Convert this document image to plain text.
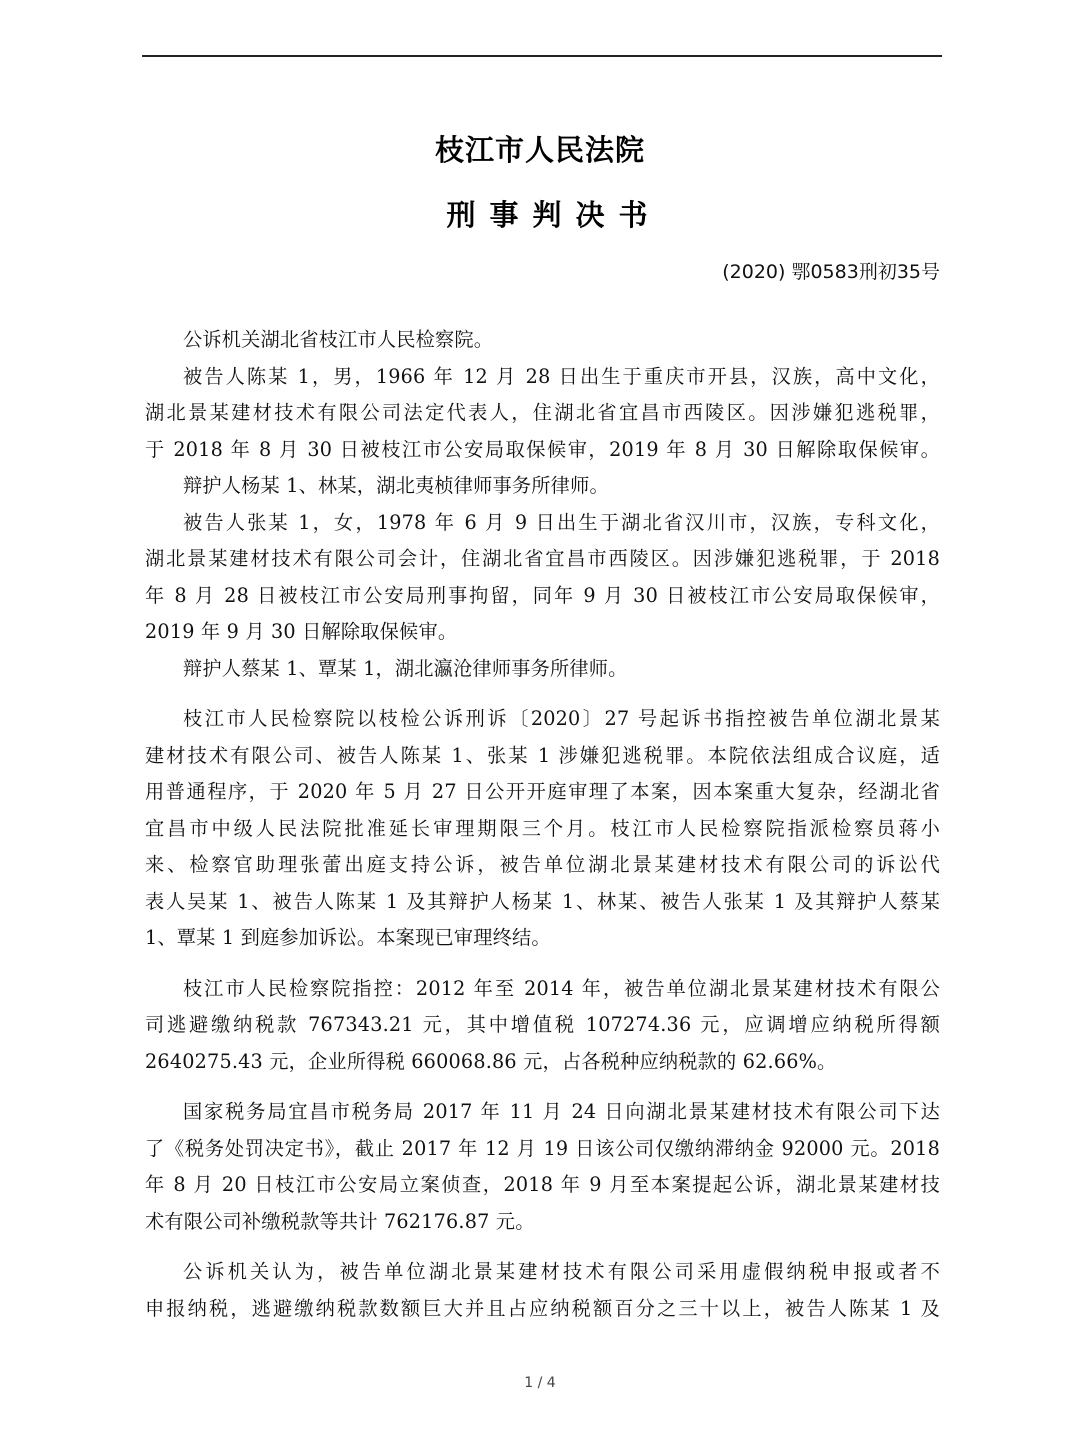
枝江市人民法院
刑事判决书
(2020) 鄂0583刑初35号
公诉机关湖北省枝江市人民检察院。
被告人陈某 1，男，1966 年 12 月 28 日出生于重庆市开县，汉族，高中文化，
湖北景某建材技术有限公司法定代表人，住湖北省宜昌市西陵区。因涉嫌犯逃税罪，
于 2018 年 8 月 30 日被枝江市公安局取保候审，2019 年 8 月 30 日解除取保候审。
辩护人杨某 1、林某，湖北夷桢律师事务所律师。
被告人张某 1，女，1978 年 6 月 9 日出生于湖北省汉川市，汉族，专科文化，
湖北景某建材技术有限公司会计，住湖北省宜昌市西陵区。因涉嫌犯逃税罪，于 2018
年 8 月 28 日被枝江市公安局刑事拘留，同年 9 月 30 日被枝江市公安局取保候审，
2019 年 9 月 30 日解除取保候审。
辩护人蔡某 1、覃某 1，湖北瀛沧律师事务所律师。
枝江市人民检察院以枝检公诉刑诉〔2020〕27 号起诉书指控被告单位湖北景某
建材技术有限公司、被告人陈某 1、张某 1 涉嫌犯逃税罪。本院依法组成合议庭，适
用普通程序，于 2020 年 5 月 27 日公开开庭审理了本案，因本案重大复杂，经湖北省
宜昌市中级人民法院批准延长审理期限三个月。枝江市人民检察院指派检察员蒋小
来、检察官助理张蕾出庭支持公诉，被告单位湖北景某建材技术有限公司的诉讼代
表人吴某 1、被告人陈某 1 及其辩护人杨某 1、林某、被告人张某 1 及其辩护人蔡某
1、覃某 1 到庭参加诉讼。本案现已审理终结。
枝江市人民检察院指控：2012 年至 2014 年，被告单位湖北景某建材技术有限公
司逃避缴纳税款 767343.21 元，其中增值税 107274.36 元，应调增应纳税所得额
2640275.43 元，企业所得税 660068.86 元，占各税种应纳税款的 62.66%。
国家税务局宜昌市税务局 2017 年 11 月 24 日向湖北景某建材技术有限公司下达
了《税务处罚决定书》，截止 2017 年 12 月 19 日该公司仅缴纳滞纳金 92000 元。2018
年 8 月 20 日枝江市公安局立案侦查，2018 年 9 月至本案提起公诉，湖北景某建材技
术有限公司补缴税款等共计 762176.87 元。
公诉机关认为，被告单位湖北景某建材技术有限公司采用虚假纳税申报或者不
申报纳税，逃避缴纳税款数额巨大并且占应纳税额百分之三十以上，被告人陈某 1 及
1 / 4
